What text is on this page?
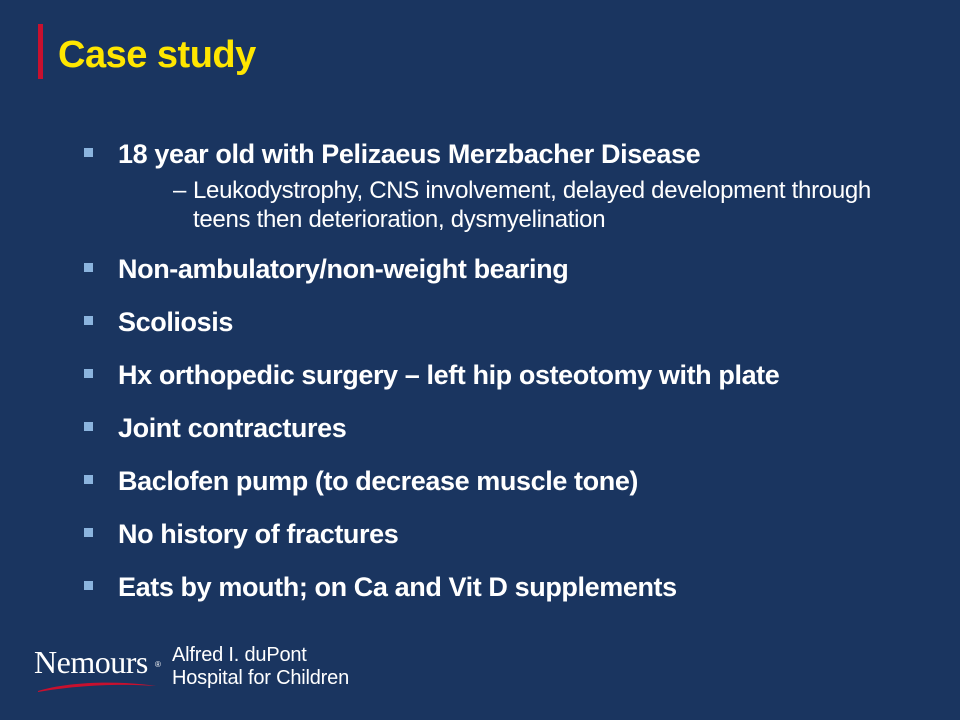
Case study
18 year old with Pelizaeus Merzbacher Disease
– Leukodystrophy, CNS involvement, delayed development through teens then deterioration, dysmyelination
Non-ambulatory/non-weight bearing
Scoliosis
Hx orthopedic surgery – left hip osteotomy with plate
Joint contractures
Baclofen pump (to decrease muscle tone)
No history of fractures
Eats by mouth; on Ca and Vit D supplements
Nemours ® Alfred I. duPont
Hospital for Children
